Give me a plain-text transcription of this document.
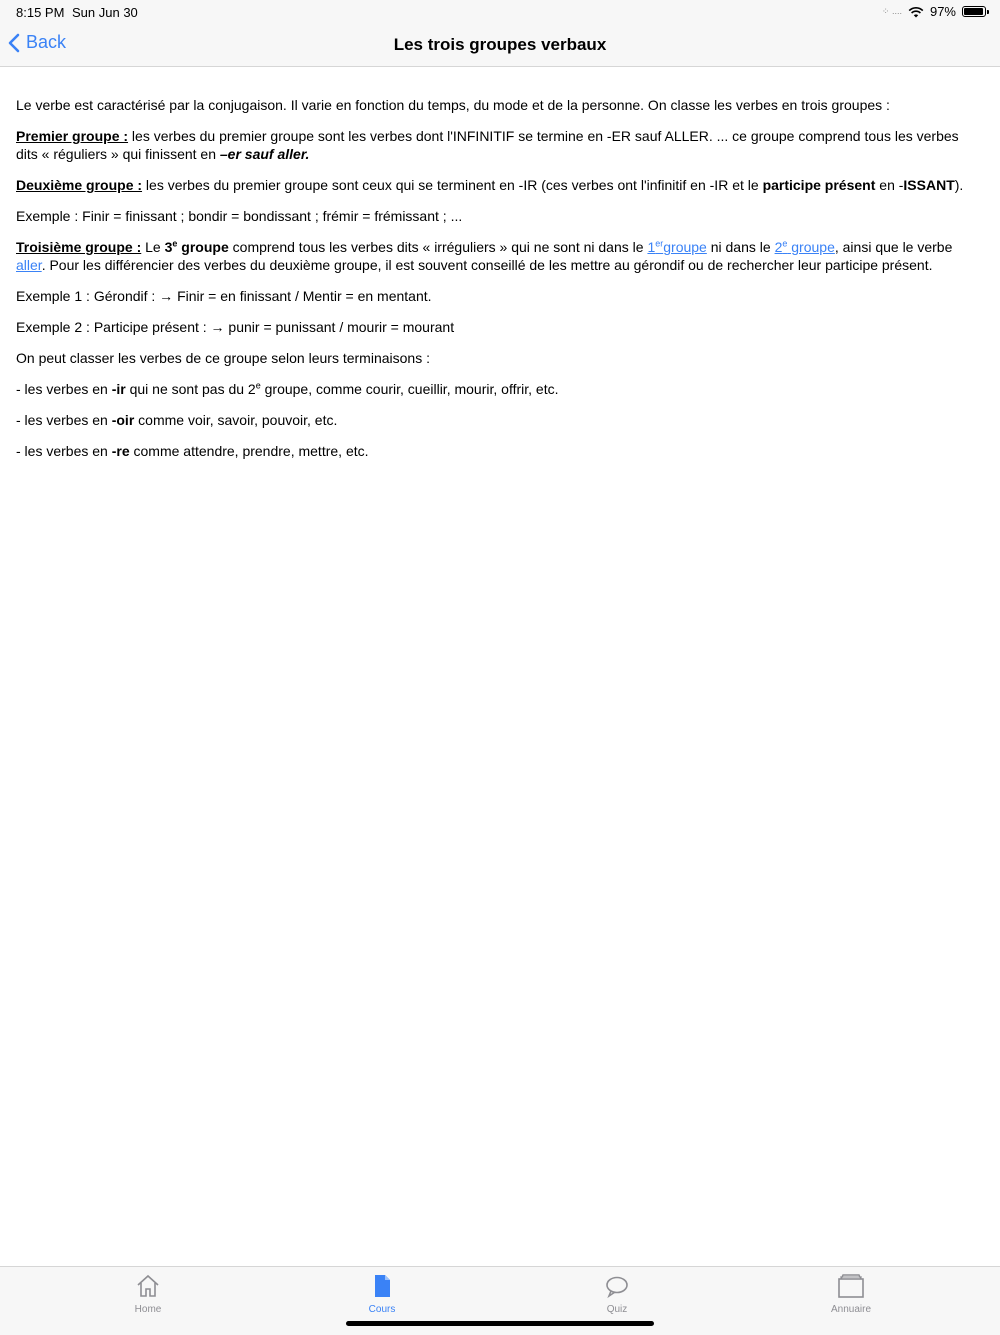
8:15 PM Sun Jun 30	⁘ .... 97%
Back	Les trois groupes verbaux

Le verbe est caractérisé par la conjugaison. Il varie en fonction du temps, du mode et de la personne. On classe les verbes en trois groupes :

Premier groupe : les verbes du premier groupe sont les verbes dont l'INFINITIF se termine en -ER sauf ALLER. ... ce groupe comprend tous les verbes dits « réguliers » qui finissent en –er sauf aller.

Deuxième groupe : les verbes du premier groupe sont ceux qui se terminent en -IR (ces verbes ont l'infinitif en -IR et le participe présent en -ISSANT).

Exemple : Finir = finissant ; bondir = bondissant ; frémir = frémissant ; ...

Troisième groupe : Le 3e groupe comprend tous les verbes dits « irréguliers » qui ne sont ni dans le 1ergroupe ni dans le 2e groupe, ainsi que le verbe aller. Pour les différencier des verbes du deuxième groupe, il est souvent conseillé de les mettre au gérondif ou de rechercher leur participe présent.

Exemple 1 : Gérondif : → Finir = en finissant / Mentir = en mentant.

Exemple 2 : Participe présent : → punir = punissant / mourir = mourant

On peut classer les verbes de ce groupe selon leurs terminaisons :

- les verbes en -ir qui ne sont pas du 2e groupe, comme courir, cueillir, mourir, offrir, etc.

- les verbes en -oir comme voir, savoir, pouvoir, etc.

- les verbes en -re comme attendre, prendre, mettre, etc.

Home	Cours	Quiz	Annuaire
